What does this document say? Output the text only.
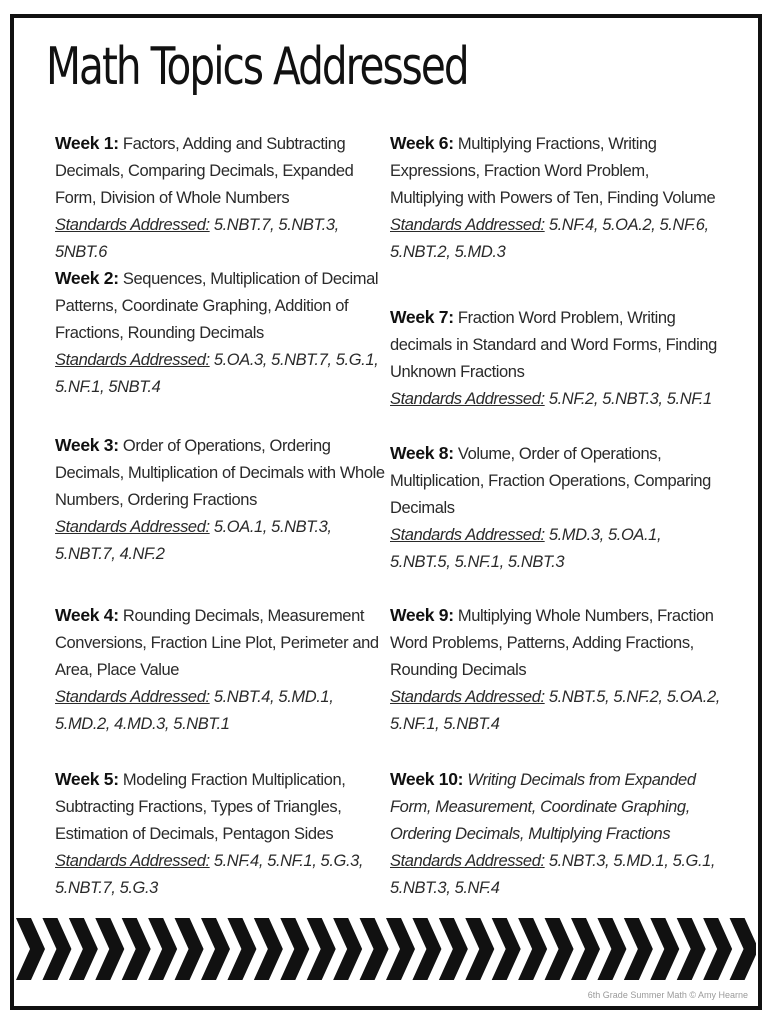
Math Topics Addressed
Week 1: Factors, Adding and Subtracting Decimals, Comparing Decimals, Expanded Form, Division of Whole Numbers
Standards Addressed: 5.NBT.7, 5.NBT.3, 5NBT.6
Week 2: Sequences, Multiplication of Decimal Patterns, Coordinate Graphing, Addition of Fractions, Rounding Decimals
Standards Addressed: 5.OA.3, 5.NBT.7, 5.G.1, 5.NF.1, 5NBT.4
Week 3: Order of Operations, Ordering Decimals, Multiplication of Decimals with Whole Numbers, Ordering Fractions
Standards Addressed: 5.OA.1, 5.NBT.3, 5.NBT.7, 4.NF.2
Week 4: Rounding Decimals, Measurement Conversions, Fraction Line Plot, Perimeter and Area, Place Value
Standards Addressed: 5.NBT.4, 5.MD.1, 5.MD.2, 4.MD.3, 5.NBT.1
Week 5: Modeling Fraction Multiplication, Subtracting Fractions, Types of Triangles, Estimation of Decimals, Pentagon Sides
Standards Addressed: 5.NF.4, 5.NF.1, 5.G.3, 5.NBT.7, 5.G.3
Week 6: Multiplying Fractions, Writing Expressions, Fraction Word Problem, Multiplying with Powers of Ten, Finding Volume
Standards Addressed: 5.NF.4, 5.OA.2, 5.NF.6, 5.NBT.2, 5.MD.3
Week 7: Fraction Word Problem, Writing decimals in Standard and Word Forms, Finding Unknown Fractions
Standards Addressed: 5.NF.2, 5.NBT.3, 5.NF.1
Week 8: Volume, Order of Operations, Multiplication, Fraction Operations, Comparing Decimals
Standards Addressed: 5.MD.3, 5.OA.1, 5.NBT.5, 5.NF.1, 5.NBT.3
Week 9: Multiplying Whole Numbers, Fraction Word Problems, Patterns, Adding Fractions, Rounding Decimals
Standards Addressed: 5.NBT.5, 5.NF.2, 5.OA.2, 5.NF.1, 5.NBT.4
Week 10: Writing Decimals from Expanded Form, Measurement, Coordinate Graphing, Ordering Decimals, Multiplying Fractions
Standards Addressed: 5.NBT.3, 5.MD.1, 5.G.1, 5.NBT.3, 5.NF.4
6th Grade Summer Math © Amy Hearne
